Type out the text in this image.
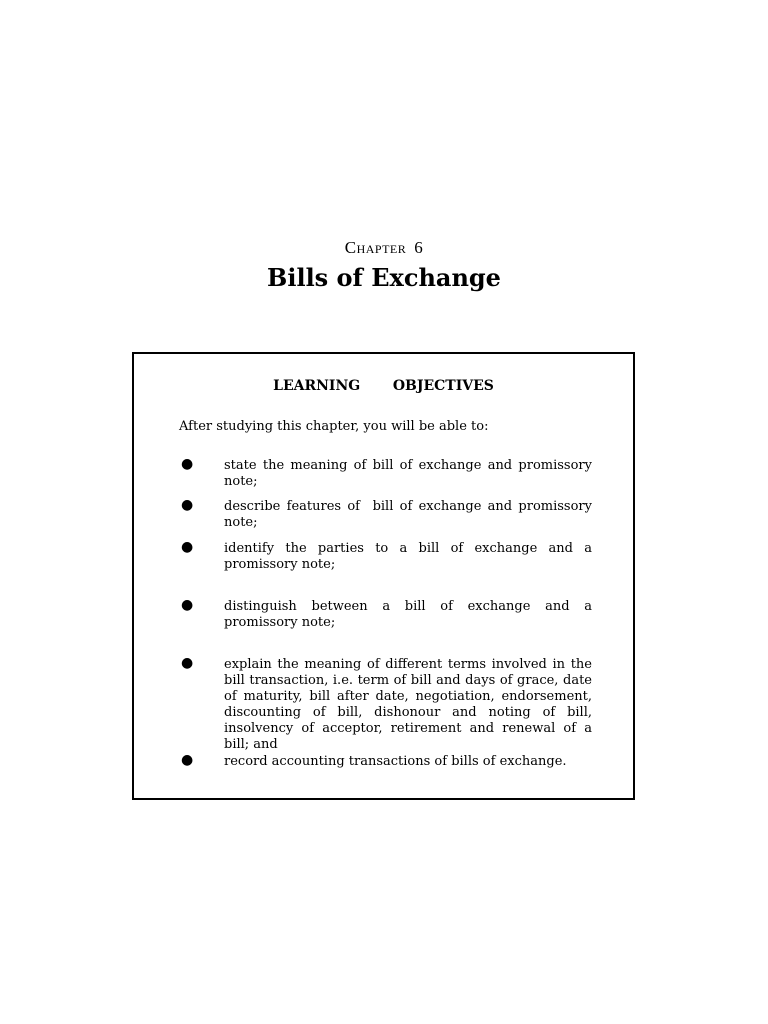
Chapter 6
Bills of Exchange
LEARNING   OBJECTIVES

After studying this chapter, you will be able to:

● state the meaning of bill of exchange and promissory note;
● describe features of  bill of exchange and promissory note;
● identify the parties to a bill of exchange and a promissory note;
● distinguish between a bill of exchange and a promissory note;
● explain the meaning of different terms involved in the bill transaction, i.e. term of bill and days of grace, date of maturity, bill after date, negotiation, endorsement, discounting of bill, dishonour and noting of bill, insolvency of acceptor, retirement and renewal of a bill; and
● record accounting transactions of bills of exchange.
